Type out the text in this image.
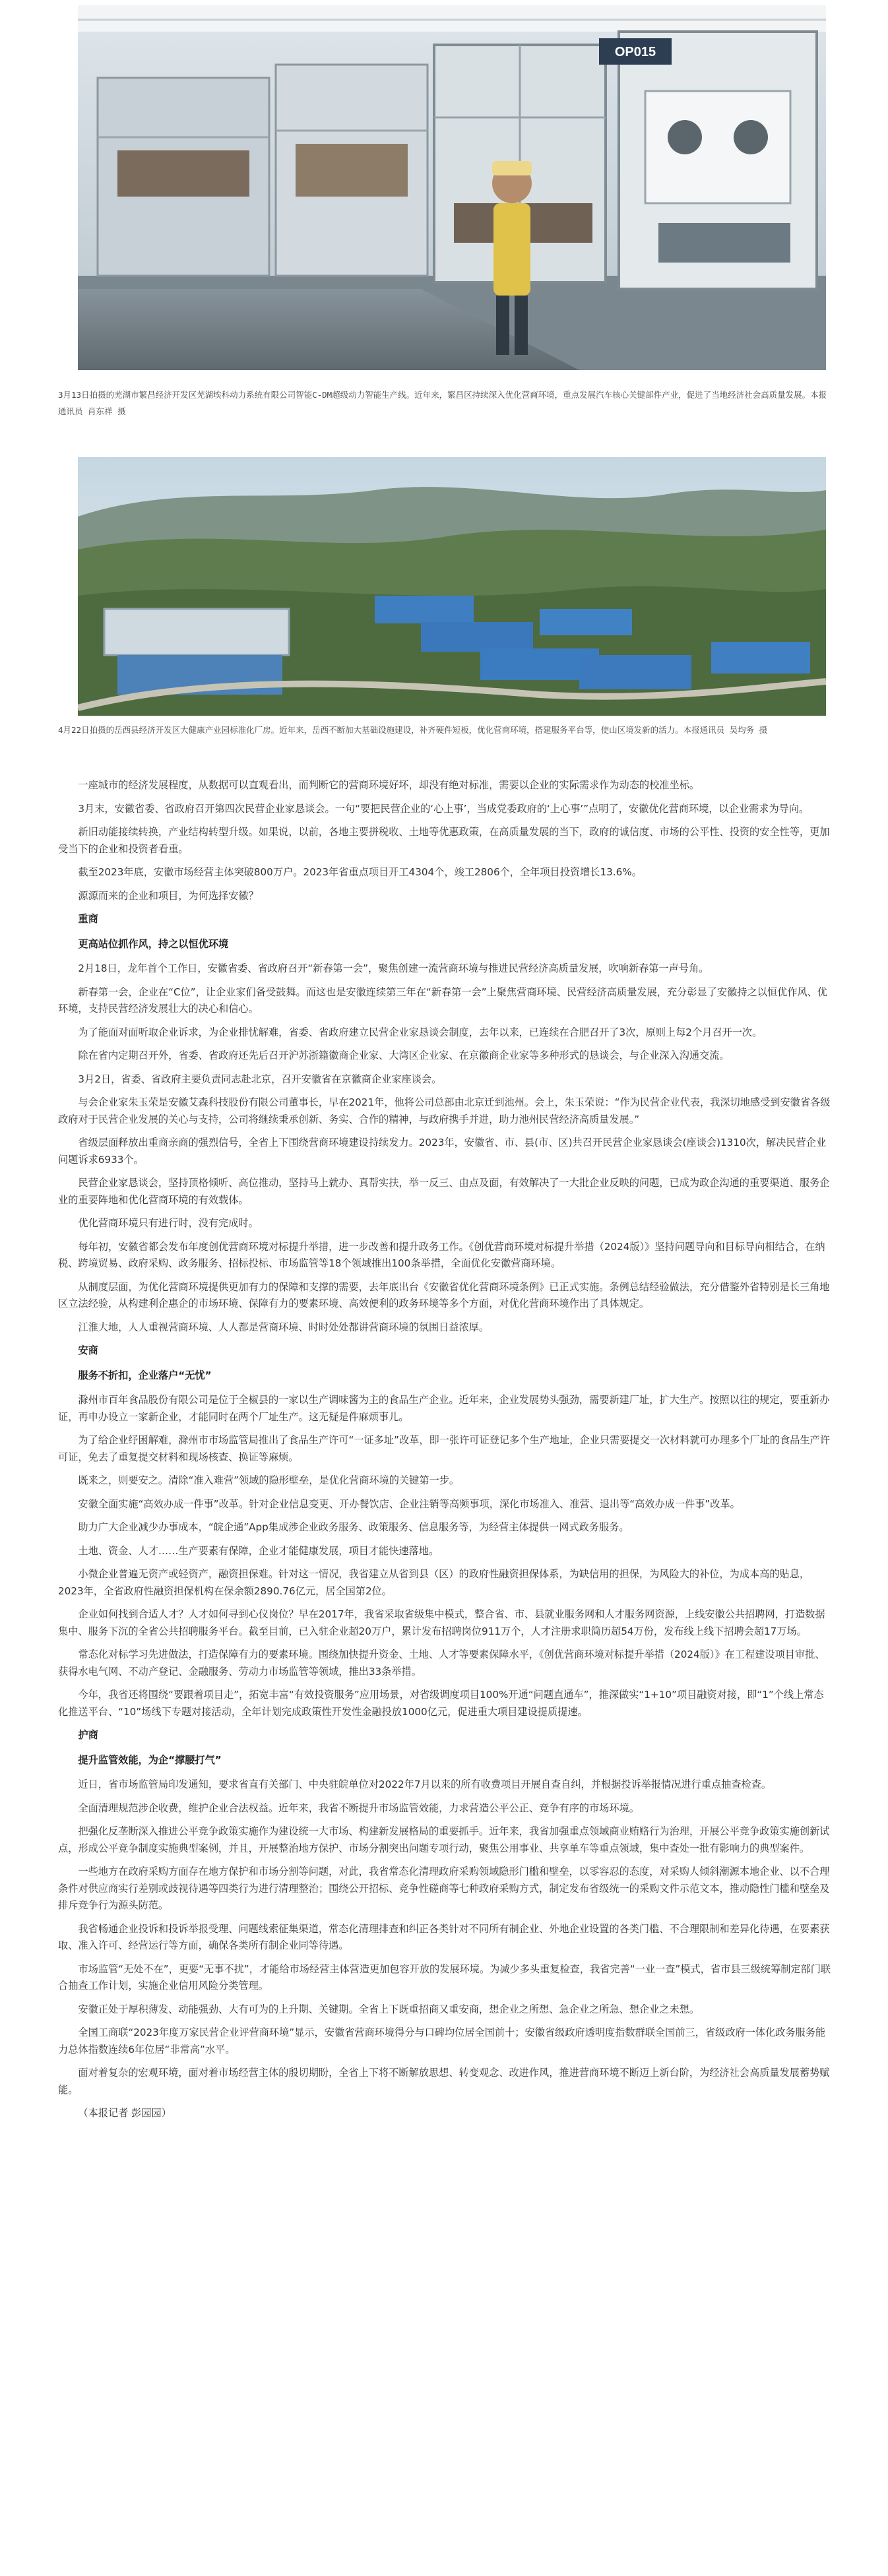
OP015
3月13日拍摄的芜湖市繁昌经济开发区芜湖埃科动力系统有限公司智能C-DM超级动力智能生产线。近年来，繁昌区持续深入优化营商环境，重点发展汽车核心关键部件产业，促进了当地经济社会高质量发展。本报通讯员 肖东祥 摄
4月22日拍摄的岳西县经济开发区大健康产业园标准化厂房。近年来，岳西不断加大基础设施建设，补齐硬件短板，优化营商环境，搭建服务平台等，使山区境发新的活力。本报通讯员 吴均务 摄

一座城市的经济发展程度，从数据可以直观看出，而判断它的营商环境好坏，却没有绝对标准，需要以企业的实际需求作为动态的校准坐标。

3月末，安徽省委、省政府召开第四次民营企业家恳谈会。一句“要把民营企业的‘心上事’，当成党委政府的‘上心事’”点明了，安徽优化营商环境，以企业需求为导向。

新旧动能接续转换，产业结构转型升级。如果说，以前，各地主要拼税收、土地等优惠政策，在高质量发展的当下，政府的诚信度、市场的公平性、投资的安全性等，更加受当下的企业和投资者看重。

截至2023年底，安徽市场经营主体突破800万户。2023年省重点项目开工4304个，竣工2806个，全年项目投资增长13.6%。

源源而来的企业和项目，为何选择安徽？

重商

更高站位抓作风，持之以恒优环境

2月18日，龙年首个工作日，安徽省委、省政府召开“新春第一会”，聚焦创建一流营商环境与推进民营经济高质量发展，吹响新春第一声号角。

新春第一会，企业在“C位”，让企业家们备受鼓舞。而这也是安徽连续第三年在“新春第一会”上聚焦营商环境、民营经济高质量发展，充分彰显了安徽持之以恒优作风、优环境，支持民营经济发展壮大的决心和信心。

为了能面对面听取企业诉求，为企业排忧解难，省委、省政府建立民营企业家恳谈会制度，去年以来，已连续在合肥召开了3次，原则上每2个月召开一次。

除在省内定期召开外，省委、省政府还先后召开沪苏浙籍徽商企业家、大湾区企业家、在京徽商企业家等多种形式的恳谈会，与企业深入沟通交流。

3月2日，省委、省政府主要负责同志赴北京，召开安徽省在京徽商企业家座谈会。

与会企业家朱玉荣是安徽艾森科技股份有限公司董事长，早在2021年，他将公司总部由北京迁到池州。会上，朱玉荣说：“作为民营企业代表，我深切地感受到安徽省各级政府对于民营企业发展的关心与支持，公司将继续秉承创新、务实、合作的精神，与政府携手并进，助力池州民营经济高质量发展。”

省级层面释放出重商亲商的强烈信号，全省上下围绕营商环境建设持续发力。2023年，安徽省、市、县(市、区)共召开民营企业家恳谈会(座谈会)1310次，解决民营企业问题诉求6933个。

民营企业家恳谈会，坚持顶格倾听、高位推动，坚持马上就办、真帮实扶，举一反三、由点及面，有效解决了一大批企业反映的问题，已成为政企沟通的重要渠道、服务企业的重要阵地和优化营商环境的有效载体。

优化营商环境只有进行时，没有完成时。

每年初，安徽省都会发布年度创优营商环境对标提升举措，进一步改善和提升政务工作。《创优营商环境对标提升举措（2024版）》坚持问题导向和目标导向相结合，在纳税、跨境贸易、政府采购、政务服务、招标投标、市场监管等18个领域推出100条举措，全面优化安徽营商环境。

从制度层面，为优化营商环境提供更加有力的保障和支撑的需要，去年底出台《安徽省优化营商环境条例》已正式实施。条例总结经验做法，充分借鉴外省特别是长三角地区立法经验，从构建利企惠企的市场环境、保障有力的要素环境、高效便利的政务环境等多个方面，对优化营商环境作出了具体规定。

江淮大地，人人重视营商环境、人人都是营商环境、时时处处都讲营商环境的氛围日益浓厚。

安商

服务不折扣，企业落户“无忧”

滁州市百年食品股份有限公司是位于全椒县的一家以生产调味酱为主的食品生产企业。近年来，企业发展势头强劲，需要新建厂址，扩大生产。按照以往的规定，要重新办证，再申办设立一家新企业，才能同时在两个厂址生产。这无疑是件麻烦事儿。

为了给企业纾困解难，滁州市市场监管局推出了食品生产许可“一证多址”改革，即一张许可证登记多个生产地址，企业只需要提交一次材料就可办理多个厂址的食品生产许可证，免去了重复提交材料和现场核查、换证等麻烦。

既来之，则要安之。清除“准入难营”领域的隐形壁垒，是优化营商环境的关键第一步。

安徽全面实施“高效办成一件事”改革。针对企业信息变更、开办餐饮店、企业注销等高频事项，深化市场准入、准营、退出等“高效办成一件事”改革。

助力广大企业减少办事成本，“皖企通”App集成涉企业政务服务、政策服务、信息服务等，为经营主体提供一网式政务服务。

土地、资金、人才……生产要素有保障，企业才能健康发展，项目才能快速落地。

小微企业普遍无资产或轻资产，融资担保难。针对这一情况，我省建立从省到县（区）的政府性融资担保体系，为缺信用的担保，为风险大的补位，为成本高的贴息，2023年，全省政府性融资担保机构在保余额2890.76亿元，居全国第2位。

企业如何找到合适人才？人才如何寻到心仪岗位？早在2017年，我省采取省级集中模式，整合省、市、县就业服务网和人才服务网资源，上线安徽公共招聘网，打造数据集中、服务下沉的全省公共招聘服务平台。截至目前，已入驻企业超20万户，累计发布招聘岗位911万个，人才注册求职简历超54万份，发布线上线下招聘会超17万场。

常态化对标学习先进做法，打造保障有力的要素环境。围绕加快提升资金、土地、人才等要素保障水平，《创优营商环境对标提升举措（2024版）》在工程建设项目审批、获得水电气网、不动产登记、金融服务、劳动力市场监管等领域，推出33条举措。

今年，我省还将围绕“要跟着项目走”，拓宽丰富“有效投资服务”应用场景，对省级调度项目100%开通“问题直通车”，推深做实“1+10”项目融资对接，即“1”个线上常态化推送平台、“10”场线下专题对接活动，全年计划完成政策性开发性金融投放1000亿元，促进重大项目建设提质提速。

护商

提升监管效能，为企“撑腰打气”

近日，省市场监管局印发通知，要求省直有关部门、中央驻皖单位对2022年7月以来的所有收费项目开展自查自纠，并根据投诉举报情况进行重点抽查检查。

全面清理规范涉企收费，维护企业合法权益。近年来，我省不断提升市场监管效能，力求营造公平公正、竞争有序的市场环境。

把强化反垄断深入推进公平竞争政策实施作为建设统一大市场、构建新发展格局的重要抓手。近年来，我省加强重点领域商业贿赂行为治理，开展公平竞争政策实施创新试点，形成公平竞争制度实施典型案例，并且，开展整治地方保护、市场分割突出问题专项行动，聚焦公用事业、共享单车等重点领域，集中查处一批有影响力的典型案件。

一些地方在政府采购方面存在地方保护和市场分割等问题，对此，我省常态化清理政府采购领域隐形门槛和壁垒，以零容忍的态度，对采购人倾斜潮源本地企业、以不合理条件对供应商实行差别或歧视待遇等四类行为进行清理整治；围绕公开招标、竞争性磋商等七种政府采购方式，制定发布省级统一的采购文件示范文本，推动隐性门槛和壁垒及排斥竞争行为源头防范。

我省畅通企业投诉和投诉举报受理、问题线索征集渠道，常态化清理排查和纠正各类针对不同所有制企业、外地企业设置的各类门槛、不合理限制和差异化待遇，在要素获取、准入许可、经营运行等方面，确保各类所有制企业同等待遇。

市场监管“无处不在”，更要“无事不扰”，才能给市场经营主体营造更加包容开放的发展环境。为减少多头重复检查，我省完善“一业一查”模式，省市县三级统筹制定部门联合抽查工作计划，实施企业信用风险分类管理。

安徽正处于厚积薄发、动能强劲、大有可为的上升期、关键期。全省上下既重招商又重安商，想企业之所想、急企业之所急、想企业之未想。

全国工商联“2023年度万家民营企业评营商环境”显示，安徽省营商环境得分与口碑均位居全国前十；安徽省级政府透明度指数群联全国前三，省级政府一体化政务服务能力总体指数连续6年位居“非常高”水平。

面对着复杂的宏观环境，面对着市场经营主体的殷切期盼，全省上下将不断解放思想、转变观念、改进作风，推进营商环境不断迈上新台阶，为经济社会高质量发展蓄势赋能。

（本报记者 彭园园）
